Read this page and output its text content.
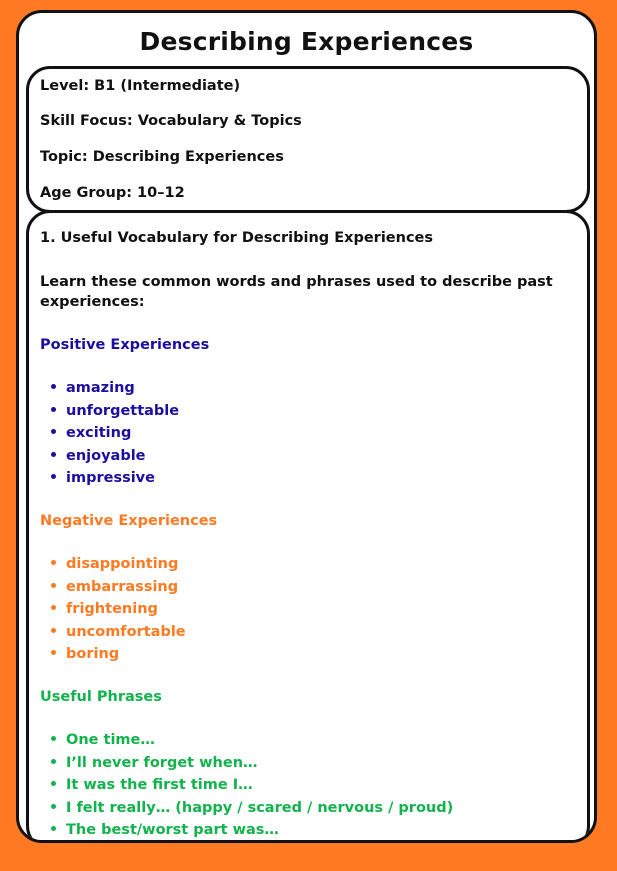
Describing Experiences

Level: B1 (Intermediate)

Skill Focus: Vocabulary & Topics

Topic: Describing Experiences

Age Group: 10–12

1. Useful Vocabulary for Describing Experiences

Learn these common words and phrases used to describe past experiences:

Positive Experiences
amazing
unforgettable
exciting
enjoyable
impressive
Negative Experiences
disappointing
embarrassing
frightening
uncomfortable
boring
Useful Phrases
One time…
I’ll never forget when…
It was the first time I…
I felt really… (happy / scared / nervous / proud)
The best/worst part was…
